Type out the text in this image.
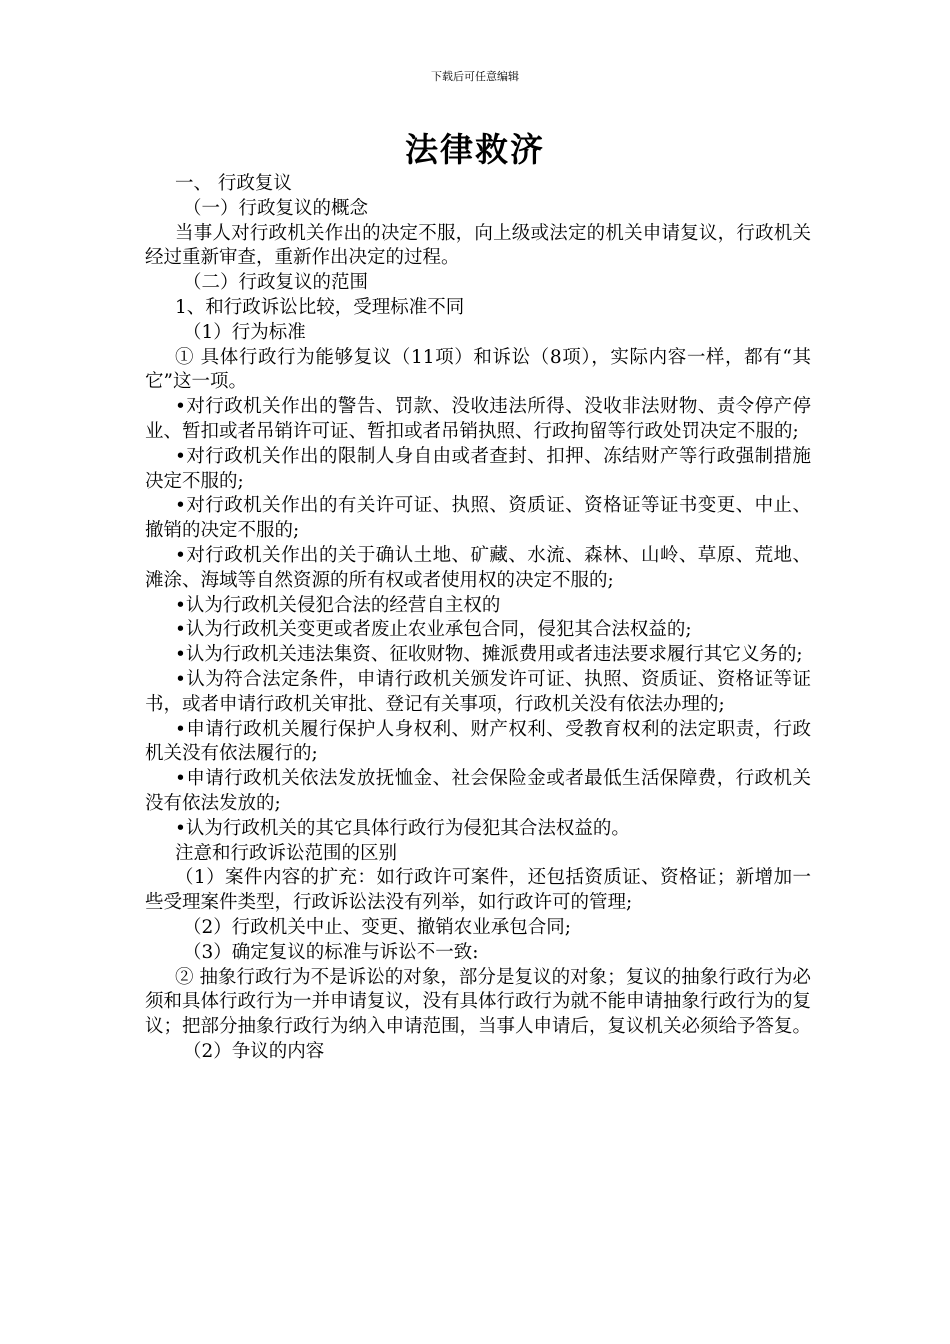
下载后可任意编辑
法律救济

一、 行政复议

（一）行政复议的概念

当事人对行政机关作出的决定不服，向上级或法定的机关申请复议，行政机关经过重新审查，重新作出决定的过程。

（二）行政复议的范围

1、和行政诉讼比较，受理标准不同

（1）行为标准

① 具体行政行为能够复议（11项）和诉讼（8项），实际内容一样，都有“其它”这一项。

•对行政机关作出的警告、罚款、没收违法所得、没收非法财物、责令停产停业、暂扣或者吊销许可证、暂扣或者吊销执照、行政拘留等行政处罚决定不服的;

•对行政机关作出的限制人身自由或者查封、扣押、冻结财产等行政强制措施决定不服的;

•对行政机关作出的有关许可证、执照、资质证、资格证等证书变更、中止、撤销的决定不服的;

•对行政机关作出的关于确认土地、矿藏、水流、森林、山岭、草原、荒地、滩涂、海域等自然资源的所有权或者使用权的决定不服的;

•认为行政机关侵犯合法的经营自主权的

•认为行政机关变更或者废止农业承包合同，侵犯其合法权益的;

•认为行政机关违法集资、征收财物、摊派费用或者违法要求履行其它义务的;

•认为符合法定条件，申请行政机关颁发许可证、执照、资质证、资格证等证书，或者申请行政机关审批、登记有关事项，行政机关没有依法办理的;

•申请行政机关履行保护人身权利、财产权利、受教育权利的法定职责，行政机关没有依法履行的;

•申请行政机关依法发放抚恤金、社会保险金或者最低生活保障费，行政机关没有依法发放的;

•认为行政机关的其它具体行政行为侵犯其合法权益的。

注意和行政诉讼范围的区别

（1）案件内容的扩充：如行政许可案件，还包括资质证、资格证；新增加一些受理案件类型，行政诉讼法没有列举，如行政许可的管理;

（2）行政机关中止、变更、撤销农业承包合同;

（3）确定复议的标准与诉讼不一致:

② 抽象行政行为不是诉讼的对象，部分是复议的对象；复议的抽象行政行为必须和具体行政行为一并申请复议，没有具体行政行为就不能申请抽象行政行为的复议；把部分抽象行政行为纳入申请范围，当事人申请后，复议机关必须给予答复。

（2）争议的内容
